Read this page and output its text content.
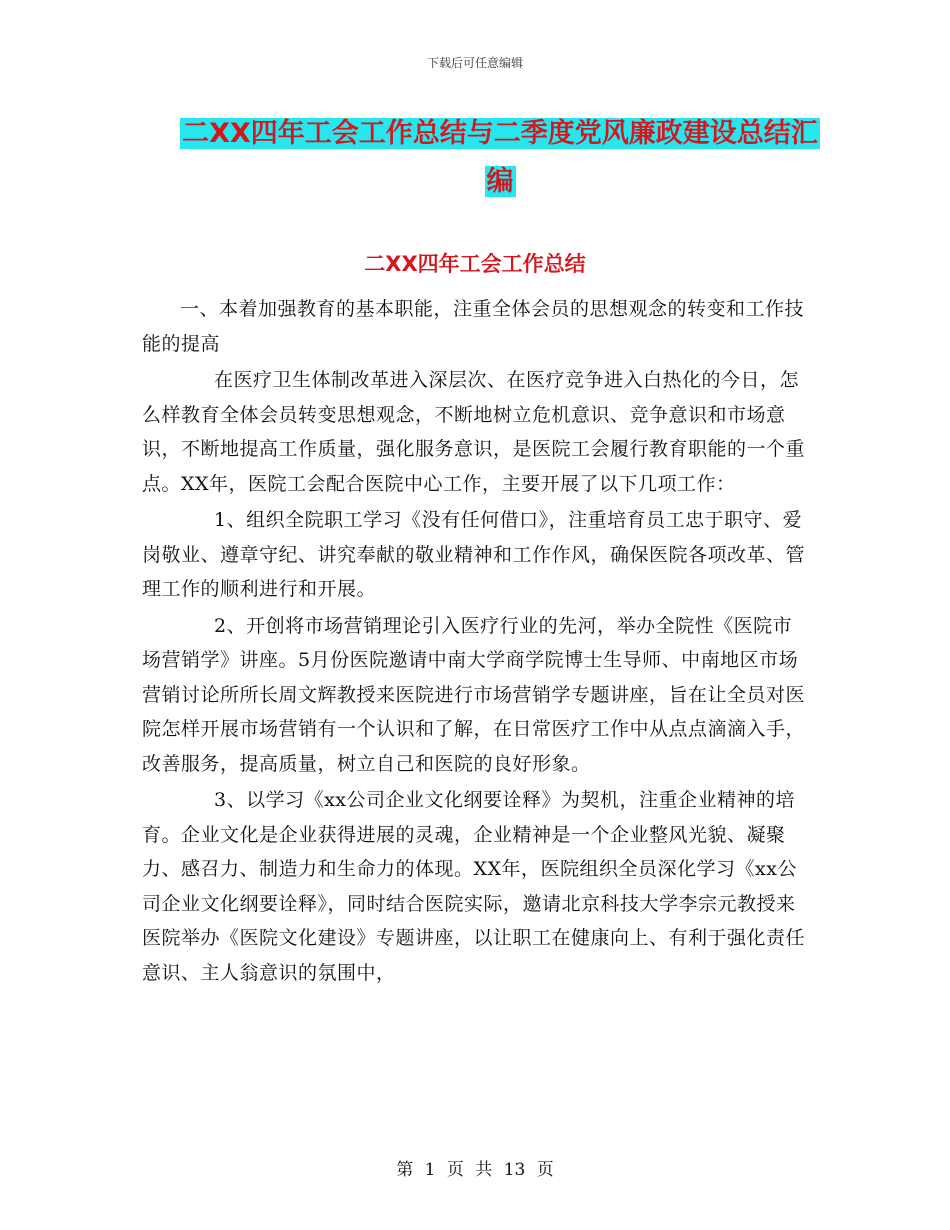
下载后可任意编辑
二XX四年工会工作总结与二季度党风廉政建设总结汇
编
二XX四年工会工作总结

一、本着加强教育的基本职能，注重全体会员的思想观念的转变和工作技能的提高

在医疗卫生体制改革进入深层次、在医疗竞争进入白热化的今日，怎么样教育全体会员转变思想观念，不断地树立危机意识、竞争意识和市场意识，不断地提高工作质量，强化服务意识，是医院工会履行教育职能的一个重点。XX年，医院工会配合医院中心工作，主要开展了以下几项工作：

1、组织全院职工学习《没有任何借口》，注重培育员工忠于职守、爱岗敬业、遵章守纪、讲究奉献的敬业精神和工作作风，确保医院各项改革、管理工作的顺利进行和开展。

2、开创将市场营销理论引入医疗行业的先河，举办全院性《医院市场营销学》讲座。5月份医院邀请中南大学商学院博士生导师、中南地区市场营销讨论所所长周文辉教授来医院进行市场营销学专题讲座，旨在让全员对医院怎样开展市场营销有一个认识和了解，在日常医疗工作中从点点滴滴入手，改善服务，提高质量，树立自己和医院的良好形象。

3、以学习《xx公司企业文化纲要诠释》为契机，注重企业精神的培育。企业文化是企业获得进展的灵魂，企业精神是一个企业整风光貌、凝聚力、感召力、制造力和生命力的体现。XX年，医院组织全员深化学习《xx公司企业文化纲要诠释》，同时结合医院实际，邀请北京科技大学李宗元教授来医院举办《医院文化建设》专题讲座，以让职工在健康向上、有利于强化责任意识、主人翁意识的氛围中，

第 1 页 共 13 页
